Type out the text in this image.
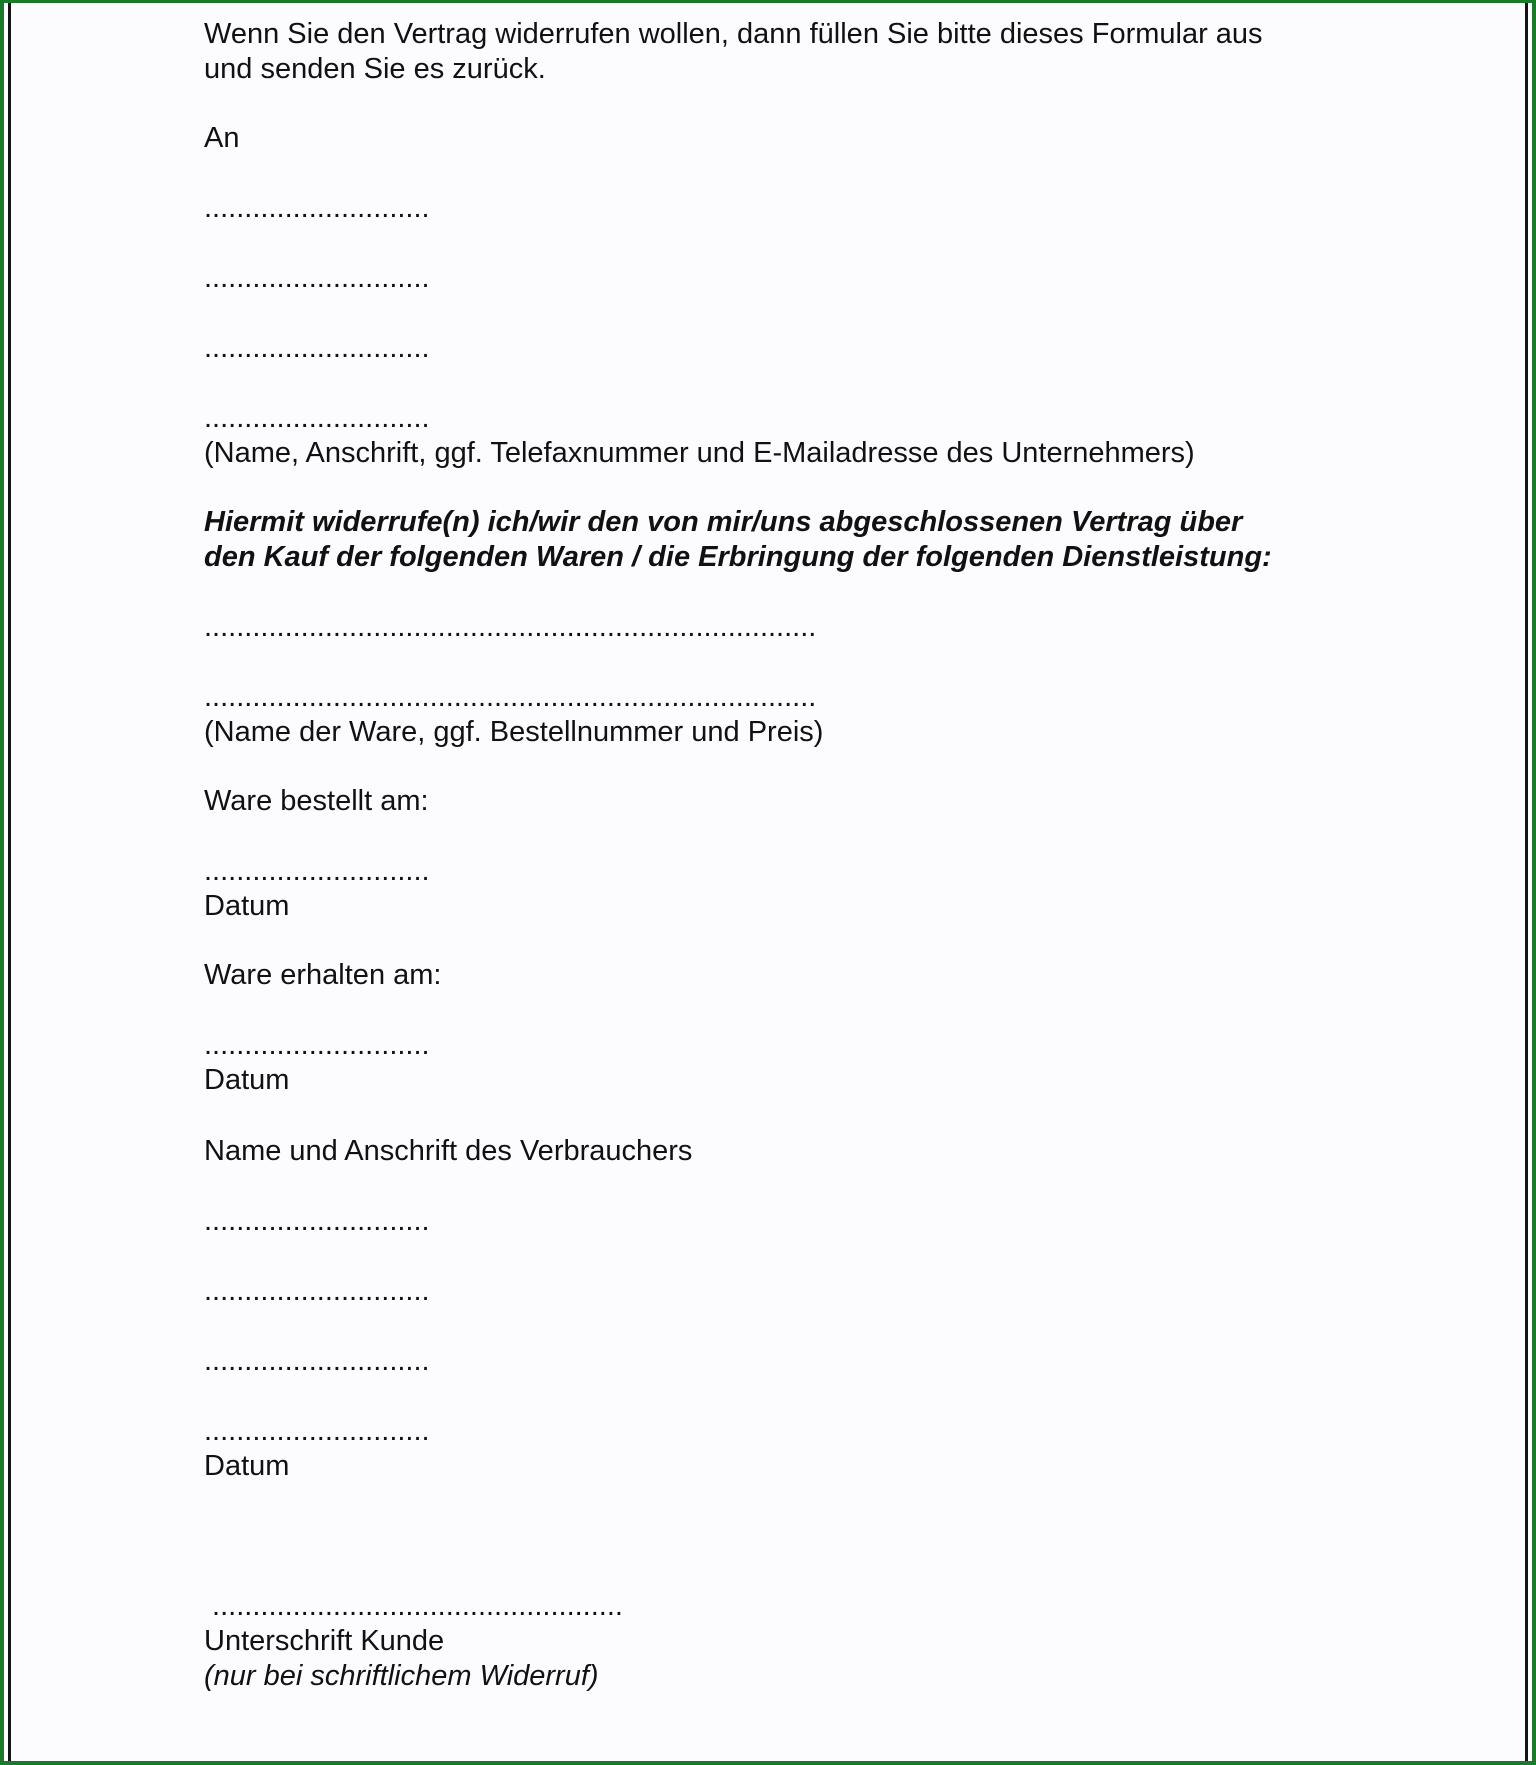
Wenn Sie den Vertrag widerrufen wollen, dann füllen Sie bitte dieses Formular aus
und senden Sie es zurück.
An
............................
............................
............................
............................
(Name, Anschrift, ggf. Telefaxnummer und E-Mailadresse des Unternehmers)
Hiermit widerrufe(n) ich/wir den von mir/uns abgeschlossenen Vertrag über
den Kauf der folgenden Waren / die Erbringung der folgenden Dienstleistung:
............................................................................
............................................................................
(Name der Ware, ggf. Bestellnummer und Preis)
Ware bestellt am:
............................
Datum
Ware erhalten am:
............................
Datum
Name und Anschrift des Verbrauchers
............................
............................
............................
............................
Datum
...................................................
Unterschrift Kunde
(nur bei schriftlichem Widerruf)
